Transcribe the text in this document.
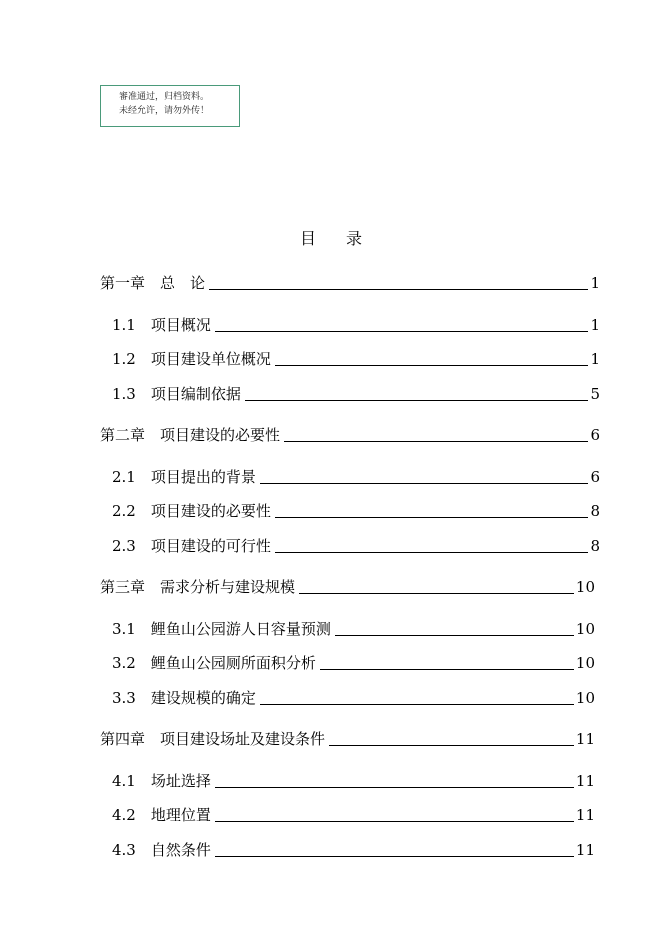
審准通过，归档资料。
未经允许，请勿外传！
目 录
第一章　总　论	1
1.1　项目概况	1
1.2　项目建设单位概况	1
1.3　项目编制依据	5
第二章　项目建设的必要性	6
2.1　项目提出的背景	6
2.2　项目建设的必要性	8
2.3　项目建设的可行性	8
第三章　需求分析与建设规模	10
3.1　鲤鱼山公园游人日容量预测	10
3.2　鲤鱼山公园厕所面积分析	10
3.3　建设规模的确定	10
第四章　项目建设场址及建设条件	11
4.1　场址选择	11
4.2　地理位置	11
4.3　自然条件	11
